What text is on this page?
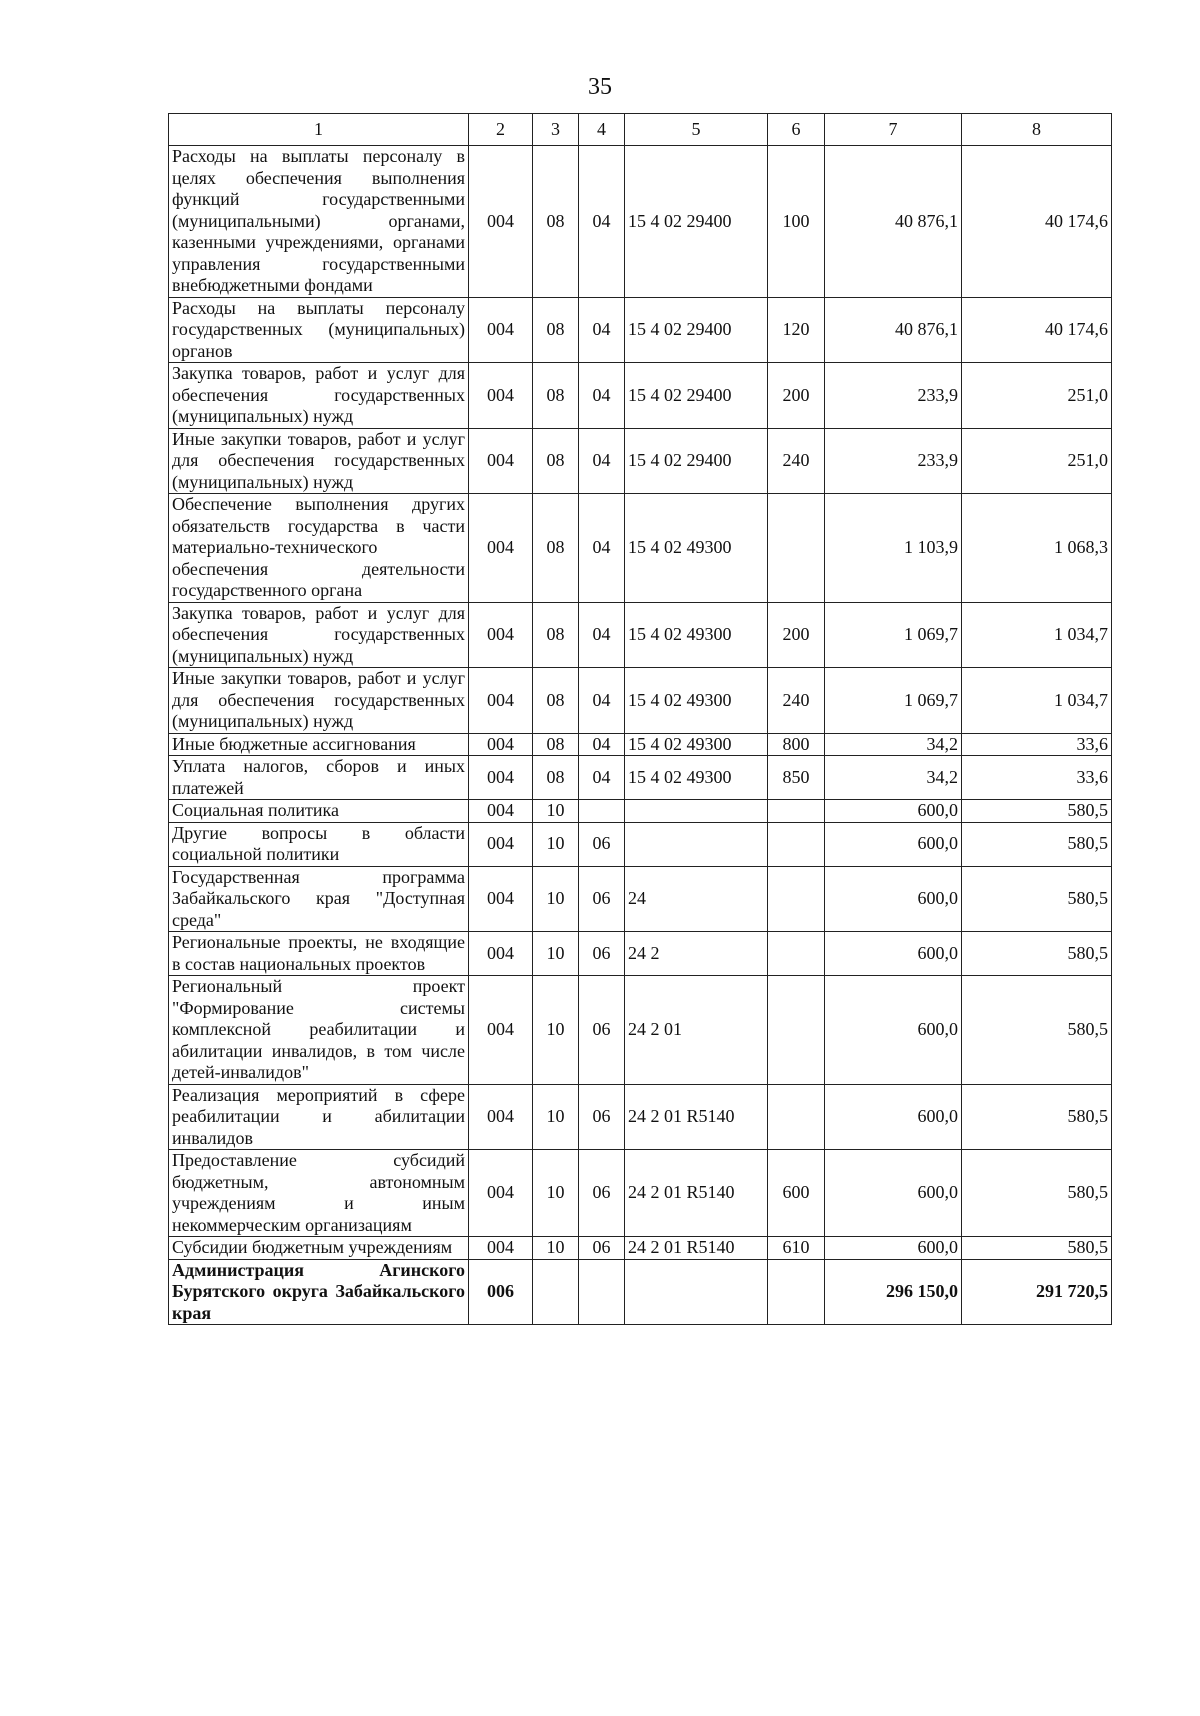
35
1	2	3	4	5	6	7	8
Расходы на выплаты персоналу в целях обеспечения выполнения функций государственными (муниципальными) органами, казенными учреждениями, органами управления государственными внебюджетными фондами	004	08	04	15 4 02 29400	100	40 876,1	40 174,6
Расходы на выплаты персоналу государственных (муниципальных) органов	004	08	04	15 4 02 29400	120	40 876,1	40 174,6
Закупка товаров, работ и услуг для обеспечения государственных (муниципальных) нужд	004	08	04	15 4 02 29400	200	233,9	251,0
Иные закупки товаров, работ и услуг для обеспечения государственных (муниципальных) нужд	004	08	04	15 4 02 29400	240	233,9	251,0
Обеспечение выполнения других обязательств государства в части материально-технического обеспечения деятельности государственного органа	004	08	04	15 4 02 49300		1 103,9	1 068,3
Закупка товаров, работ и услуг для обеспечения государственных (муниципальных) нужд	004	08	04	15 4 02 49300	200	1 069,7	1 034,7
Иные закупки товаров, работ и услуг для обеспечения государственных (муниципальных) нужд	004	08	04	15 4 02 49300	240	1 069,7	1 034,7
Иные бюджетные ассигнования	004	08	04	15 4 02 49300	800	34,2	33,6
Уплата налогов, сборов и иных платежей	004	08	04	15 4 02 49300	850	34,2	33,6
Социальная политика	004	10				600,0	580,5
Другие вопросы в области социальной политики	004	10	06			600,0	580,5
Государственная программа Забайкальского края "Доступная среда"	004	10	06	24		600,0	580,5
Региональные проекты, не входящие в состав национальных проектов	004	10	06	24 2		600,0	580,5
Региональный проект "Формирование системы комплексной реабилитации и абилитации инвалидов, в том числе детей-инвалидов"	004	10	06	24 2 01		600,0	580,5
Реализация мероприятий в сфере реабилитации и абилитации инвалидов	004	10	06	24 2 01 R5140		600,0	580,5
Предоставление субсидий бюджетным, автономным учреждениям и иным некоммерческим организациям	004	10	06	24 2 01 R5140	600	600,0	580,5
Субсидии бюджетным учреждениям	004	10	06	24 2 01 R5140	610	600,0	580,5
Администрация Агинского Бурятского округа Забайкальского края	006					296 150,0	291 720,5
